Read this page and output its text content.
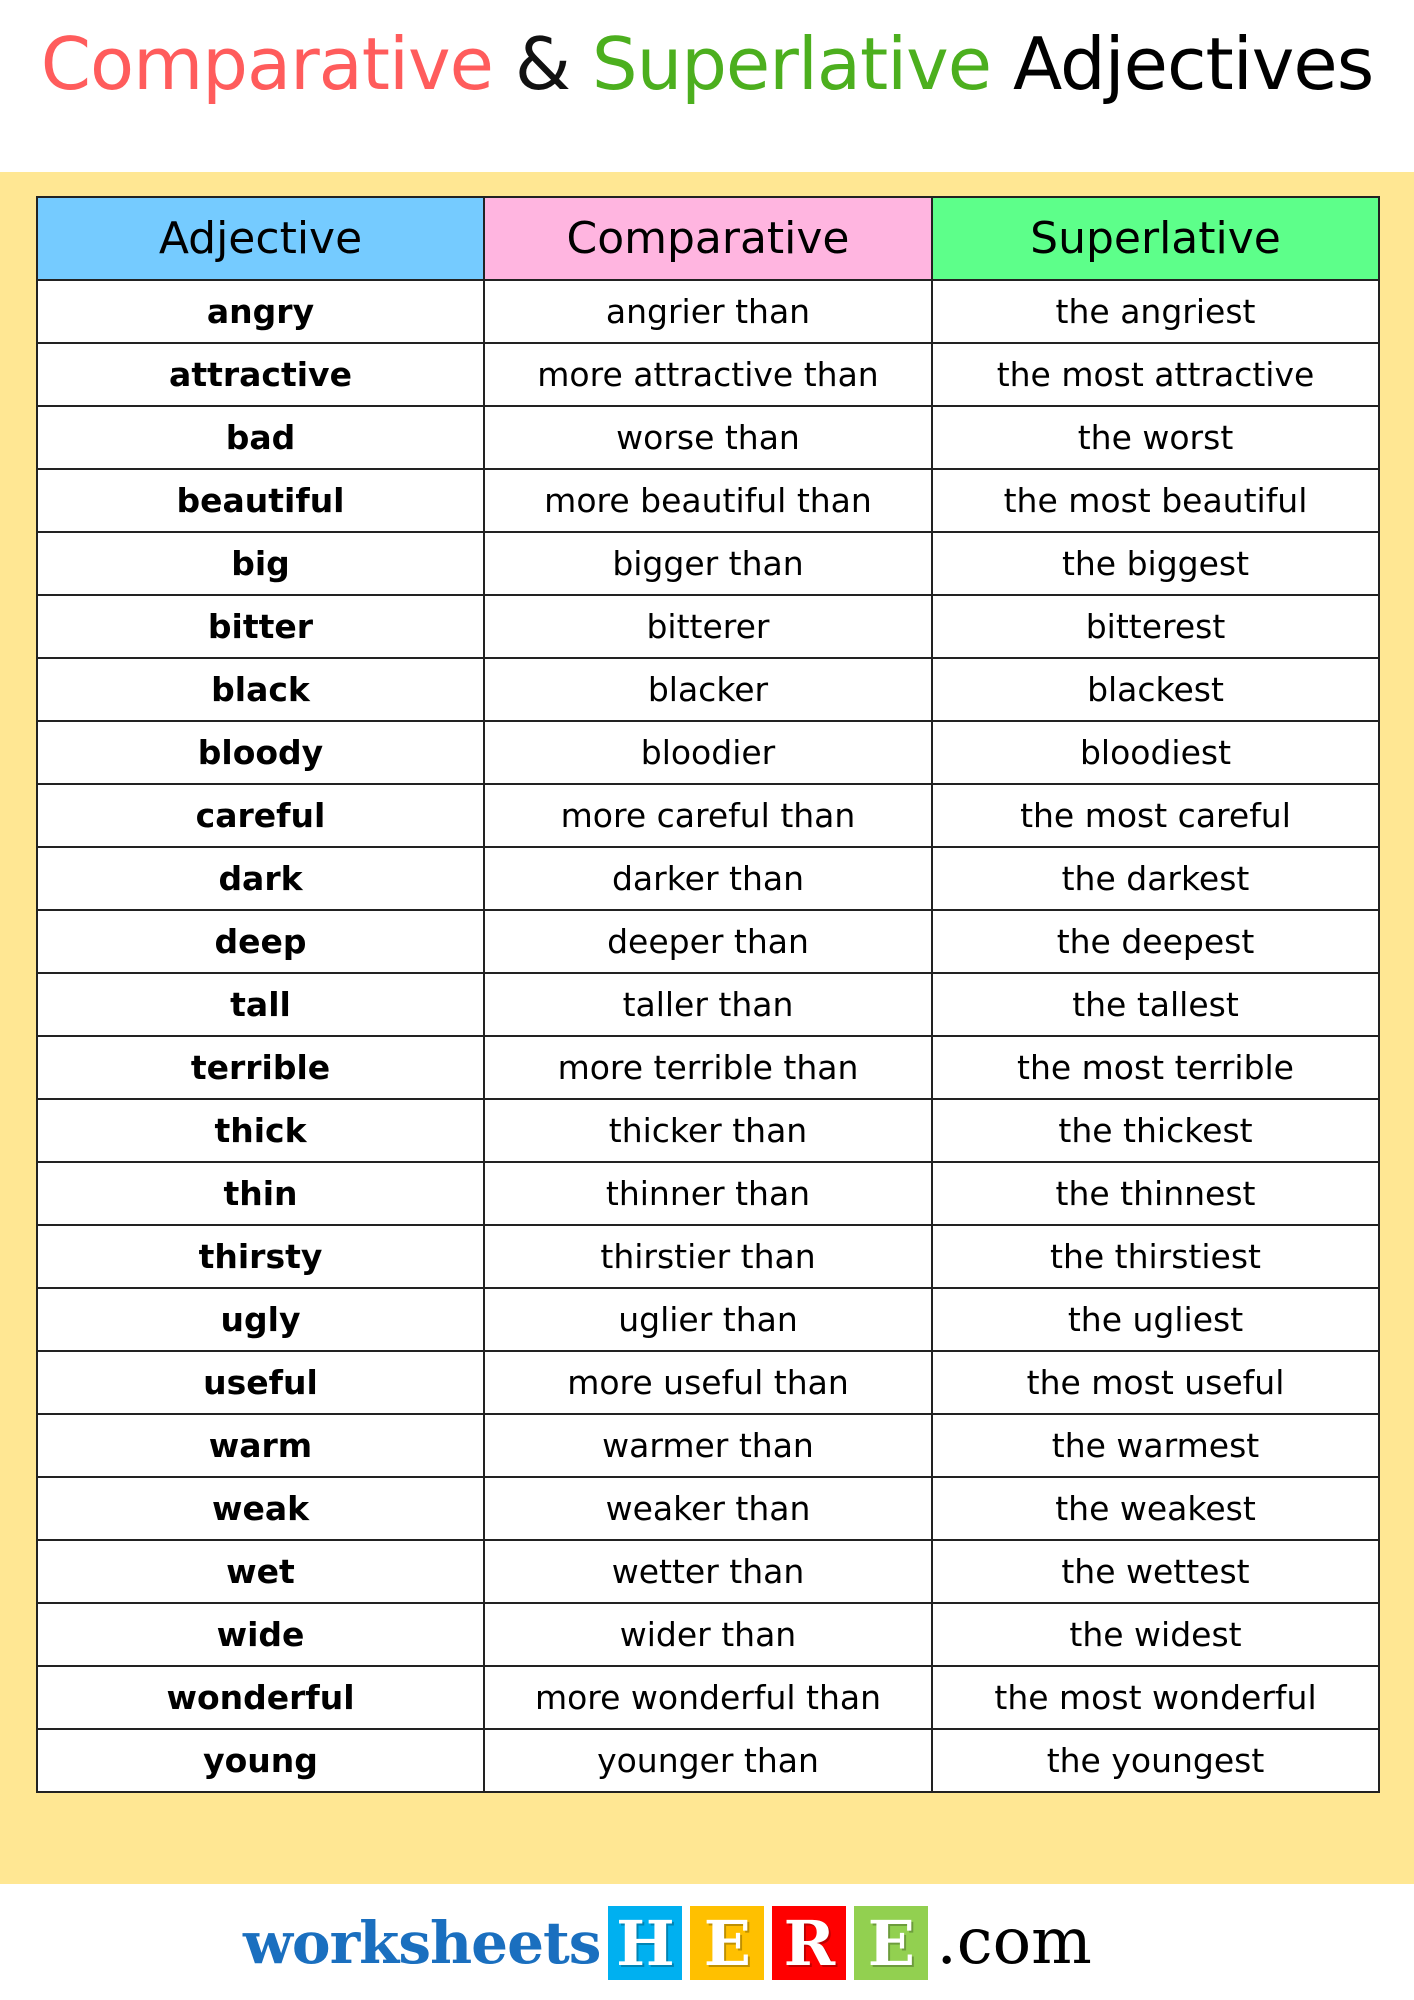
Comparative & Superlative Adjectives
Adjective	Comparative	Superlative
angry	angrier than	the angriest
attractive	more attractive than	the most attractive
bad	worse than	the worst
beautiful	more beautiful than	the most beautiful
big	bigger than	the biggest
bitter	bitterer	bitterest
black	blacker	blackest
bloody	bloodier	bloodiest
careful	more careful than	the most careful
dark	darker than	the darkest
deep	deeper than	the deepest
tall	taller than	the tallest
terrible	more terrible than	the most terrible
thick	thicker than	the thickest
thin	thinner than	the thinnest
thirsty	thirstier than	the thirstiest
ugly	uglier than	the ugliest
useful	more useful than	the most useful
warm	warmer than	the warmest
weak	weaker than	the weakest
wet	wetter than	the wettest
wide	wider than	the widest
wonderful	more wonderful than	the most wonderful
young	younger than	the youngest
worksheets H E R E .com
